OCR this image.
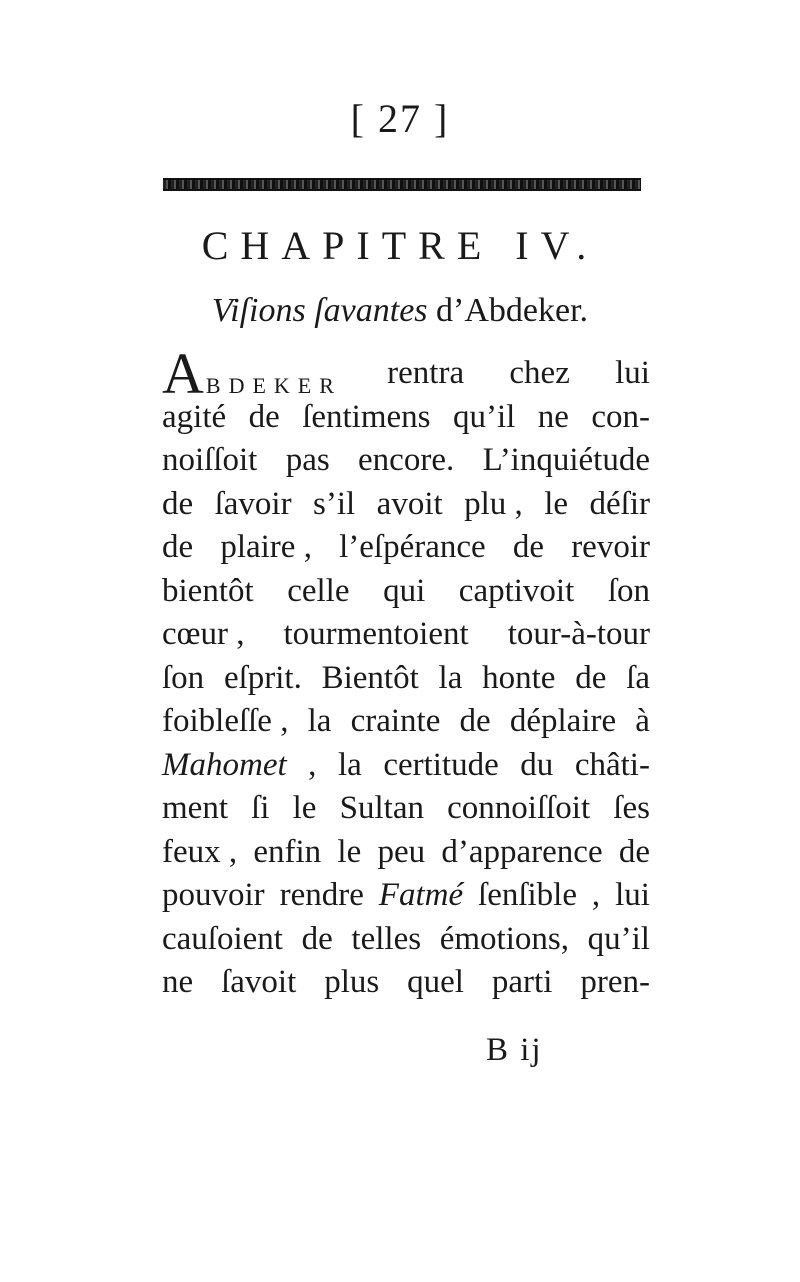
[ 27 ]
CHAPITRE IV.
Viſions ſavantes d’Abdeker.
ABDEKER rentra chez lui
agité de ſentimens qu’il ne con-
noiſſoit pas encore. L’inquiétude
de ſavoir s’il avoit plu , le déſir
de plaire , l’eſpérance de revoir
bientôt celle qui captivoit ſon
cœur , tourmentoient tour-à-tour
ſon eſprit. Bientôt la honte de ſa
foibleſſe , la crainte de déplaire à
Mahomet , la certitude du châti-
ment ſi le Sultan connoiſſoit ſes
feux , enfin le peu d’apparence de
pouvoir rendre Fatmé ſenſible , lui
cauſoient de telles émotions, qu’il
ne ſavoit plus quel parti pren-
B ij
